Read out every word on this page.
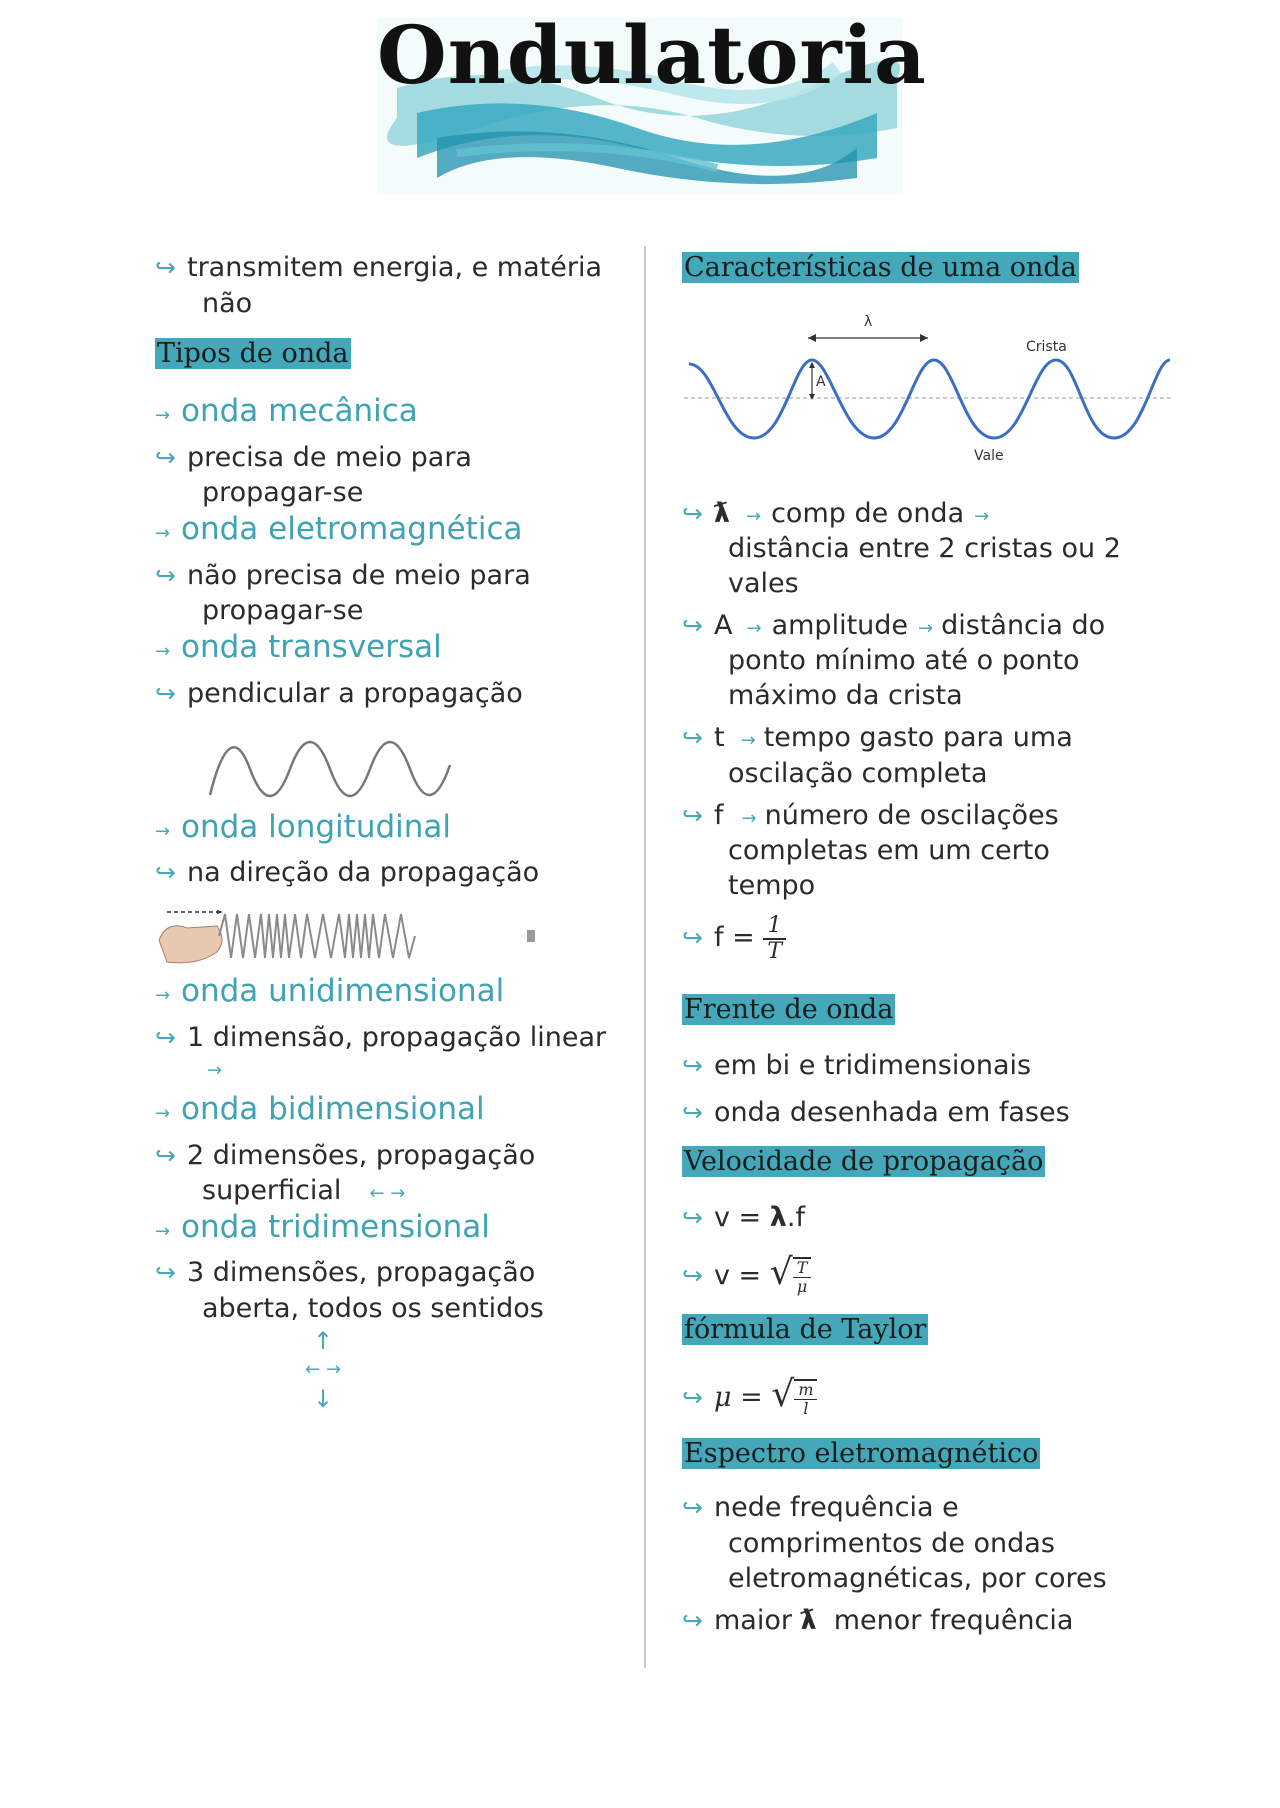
Ondulatoria
↪ transmitem energia, e matéria
não
Tipos de onda
→ onda mecânica
↪ precisa de meio para
propagar-se
→ onda eletromagnética
↪ não precisa de meio para
propagar-se
→ onda transversal
↪ pendicular a propagação
→ onda longitudinal
↪ na direção da propagação
→ onda unidimensional
↪ 1 dimensão, propagação linear
→
→ onda bidimensional
↪ 2 dimensões, propagação
superficial ← →
→ onda tridimensional
↪ 3 dimensões, propagação
aberta, todos os sentidos
↑
← →
↓
Características de uma onda
λ
A
Crista
Vale
↪ ƛ → comp de onda →
distância entre 2 cristas ou 2
vales
↪ A → amplitude → distância do
ponto mínimo até o ponto
máximo da crista
↪ t → tempo gasto para uma
oscilação completa
↪ f → número de oscilações
completas em um certo
tempo
↪ $f = \frac{1}{T}$
Frente de onda
↪ em bi e tridimensionais
↪ onda desenhada em fases
Velocidade de propagação
↪ v = λ.f
↪ v = √ $\frac{T}{\mu}$
fórmula de Taylor
↪ μ = √ $\frac{m}{l}$
Espectro eletromagnético
↪ nede frequência e
comprimentos de ondas
eletromagnéticas, por cores
↪ maior ƛ menor frequência
